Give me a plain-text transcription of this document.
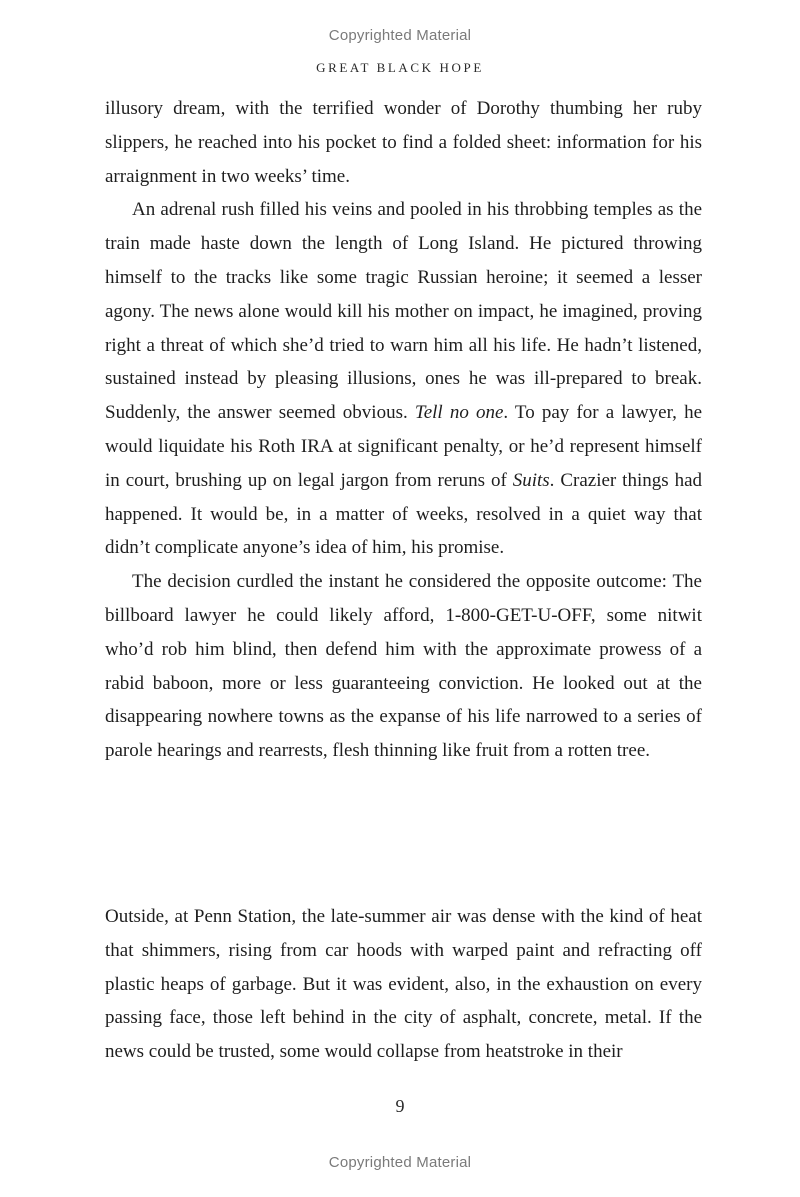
Copyrighted Material
GREAT BLACK HOPE

illusory dream, with the terrified wonder of Dorothy thumbing her ruby slippers, he reached into his pocket to find a folded sheet: information for his arraignment in two weeks’ time.

An adrenal rush filled his veins and pooled in his throbbing temples as the train made haste down the length of Long Island. He pictured throwing himself to the tracks like some tragic Russian heroine; it seemed a lesser agony. The news alone would kill his mother on impact, he imagined, proving right a threat of which she’d tried to warn him all his life. He hadn’t listened, sustained instead by pleasing illusions, ones he was ill-prepared to break. Suddenly, the answer seemed obvious. Tell no one. To pay for a lawyer, he would liquidate his Roth IRA at significant penalty, or he’d represent himself in court, brushing up on legal jargon from reruns of Suits. Crazier things had happened. It would be, in a matter of weeks, resolved in a quiet way that didn’t complicate anyone’s idea of him, his promise.

The decision curdled the instant he considered the opposite outcome: The billboard lawyer he could likely afford, 1-800-GET-U-OFF, some nitwit who’d rob him blind, then defend him with the approximate prowess of a rabid baboon, more or less guaranteeing conviction. He looked out at the disappearing nowhere towns as the expanse of his life narrowed to a series of parole hearings and rearrests, flesh thinning like fruit from a rotten tree.

Outside, at Penn Station, the late-summer air was dense with the kind of heat that shimmers, rising from car hoods with warped paint and refracting off plastic heaps of garbage. But it was evident, also, in the exhaustion on every passing face, those left behind in the city of asphalt, concrete, metal. If the news could be trusted, some would collapse from heatstroke in their

9
Copyrighted Material
